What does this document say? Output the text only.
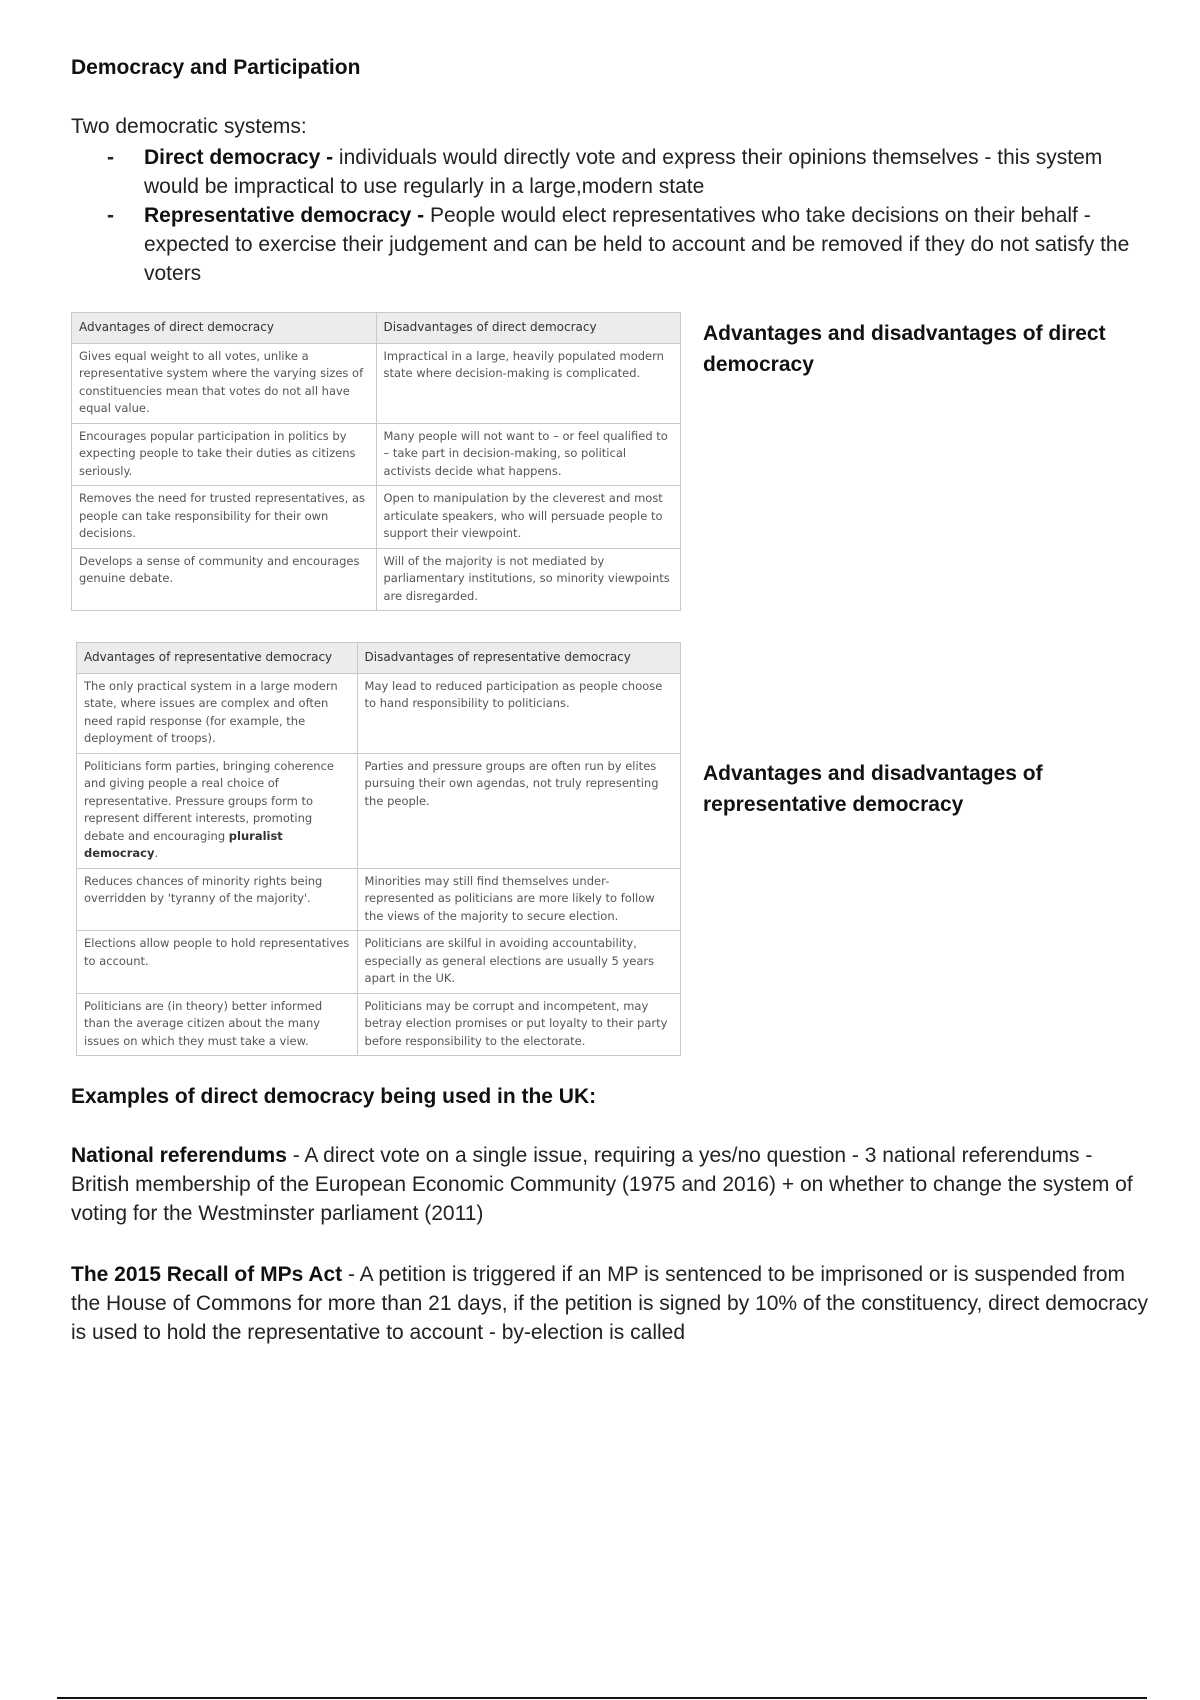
Democracy and Participation
Two democratic systems:
- Direct democracy - individuals would directly vote and express their opinions themselves - this system would be impractical to use regularly in a large,modern state
- Representative democracy - People would elect representatives who take decisions on their behalf - expected to exercise their judgement and can be held to account and be removed if they do not satisfy the voters
Advantages of direct democracy	Disadvantages of direct democracy
Gives equal weight to all votes, unlike a representative system where the varying sizes of constituencies mean that votes do not all have equal value.	Impractical in a large, heavily populated modern state where decision-making is complicated.
Encourages popular participation in politics by expecting people to take their duties as citizens seriously.	Many people will not want to – or feel qualified to – take part in decision-making, so political activists decide what happens.
Removes the need for trusted representatives, as people can take responsibility for their own decisions.	Open to manipulation by the cleverest and most articulate speakers, who will persuade people to support their viewpoint.
Develops a sense of community and encourages genuine debate.	Will of the majority is not mediated by parliamentary institutions, so minority viewpoints are disregarded.
Advantages and disadvantages of direct democracy
Advantages of representative democracy	Disadvantages of representative democracy
The only practical system in a large modern state, where issues are complex and often need rapid response (for example, the deployment of troops).	May lead to reduced participation as people choose to hand responsibility to politicians.
Politicians form parties, bringing coherence and giving people a real choice of representative. Pressure groups form to represent different interests, promoting debate and encouraging pluralist democracy.	Parties and pressure groups are often run by elites pursuing their own agendas, not truly representing the people.
Reduces chances of minority rights being overridden by 'tyranny of the majority'.	Minorities may still find themselves under-represented as politicians are more likely to follow the views of the majority to secure election.
Elections allow people to hold representatives to account.	Politicians are skilful in avoiding accountability, especially as general elections are usually 5 years apart in the UK.
Politicians are (in theory) better informed than the average citizen about the many issues on which they must take a view.	Politicians may be corrupt and incompetent, may betray election promises or put loyalty to their party before responsibility to the electorate.
Advantages and disadvantages of representative democracy
Examples of direct democracy being used in the UK:
National referendums - A direct vote on a single issue, requiring a yes/no question - 3 national referendums - British membership of the European Economic Community (1975 and 2016) + on whether to change the system of voting for the Westminster parliament (2011)
The 2015 Recall of MPs Act - A petition is triggered if an MP is sentenced to be imprisoned or is suspended from the House of Commons for more than 21 days, if the petition is signed by 10% of the constituency, direct democracy is used to hold the representative to account - by-election is called
